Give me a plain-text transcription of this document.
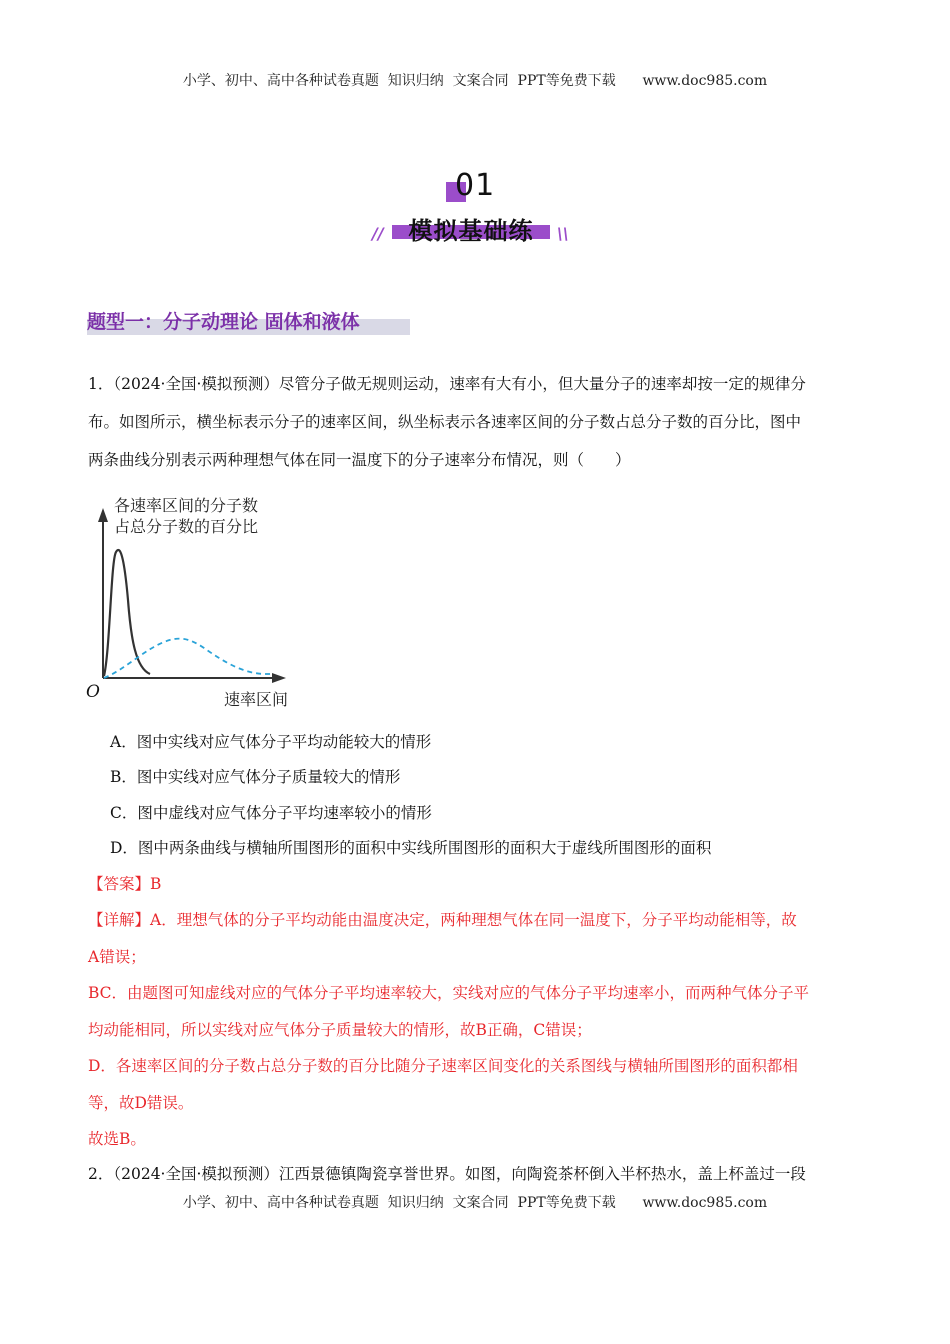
小学、初中、高中各种试卷真题  知识归纳  文案合同  PPT等免费下载 www.doc985.com
01
模拟基础练
//	\\
题型一：分子动理论 固体和液体
1．（2024·全国·模拟预测）尽管分子做无规则运动，速率有大有小，但大量分子的速率却按一定的规律分
布。如图所示，横坐标表示分子的速率区间，纵坐标表示各速率区间的分子数占总分子数的百分比，图中
两条曲线分别表示两种理想气体在同一温度下的分子速率分布情况，则（　　）
各速率区间的分子数
占总分子数的百分比
O	速率区间
A．图中实线对应气体分子平均动能较大的情形
B．图中实线对应气体分子质量较大的情形
C．图中虚线对应气体分子平均速率较小的情形
D．图中两条曲线与横轴所围图形的面积中实线所围图形的面积大于虚线所围图形的面积
【答案】B
【详解】A．理想气体的分子平均动能由温度决定，两种理想气体在同一温度下，分子平均动能相等，故
A错误；
BC．由题图可知虚线对应的气体分子平均速率较大，实线对应的气体分子平均速率小，而两种气体分子平
均动能相同，所以实线对应气体分子质量较大的情形，故B正确，C错误；
D．各速率区间的分子数占总分子数的百分比随分子速率区间变化的关系图线与横轴所围图形的面积都相
等，故D错误。
故选B。
2．（2024·全国·模拟预测）江西景德镇陶瓷享誉世界。如图，向陶瓷茶杯倒入半杯热水，盖上杯盖过一段
小学、初中、高中各种试卷真题  知识归纳  文案合同  PPT等免费下载 www.doc985.com
